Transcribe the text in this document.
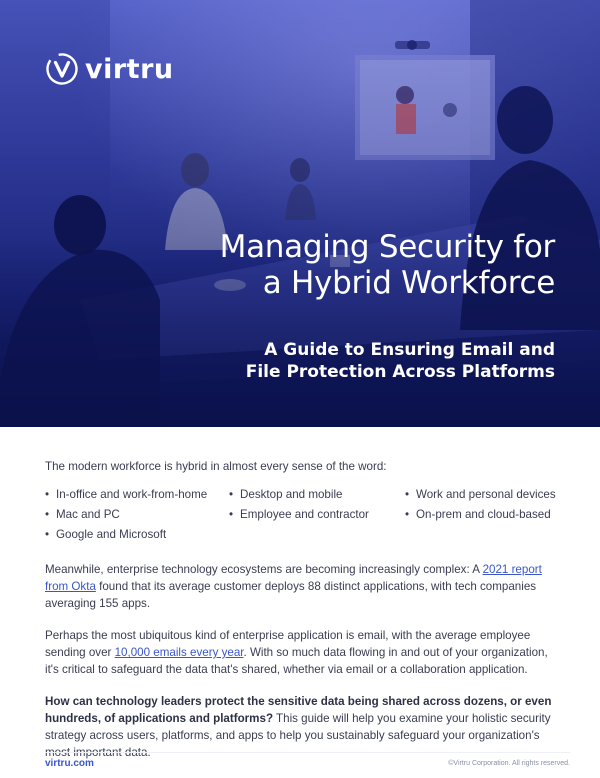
virtru
Managing Security for
a Hybrid Workforce
A Guide to Ensuring Email and
File Protection Across Platforms

The modern workforce is hybrid in almost every sense of the word:

• In-office and work-from-home	• Desktop and mobile	• Work and personal devices
• Mac and PC	• Employee and contractor	• On-prem and cloud-based
• Google and Microsoft

Meanwhile, enterprise technology ecosystems are becoming increasingly complex: A 2021 report from Okta found that its average customer deploys 88 distinct applications, with tech companies averaging 155 apps.

Perhaps the most ubiquitous kind of enterprise application is email, with the average employee sending over 10,000 emails every year. With so much data flowing in and out of your organization, it's critical to safeguard the data that's shared, whether via email or a collaboration application.

How can technology leaders protect the sensitive data being shared across dozens, or even hundreds, of applications and platforms? This guide will help you examine your holistic security strategy across users, platforms, and apps to help you sustainably safeguard your organization's most important data.

virtru.com	©Virtru Corporation. All rights reserved.
